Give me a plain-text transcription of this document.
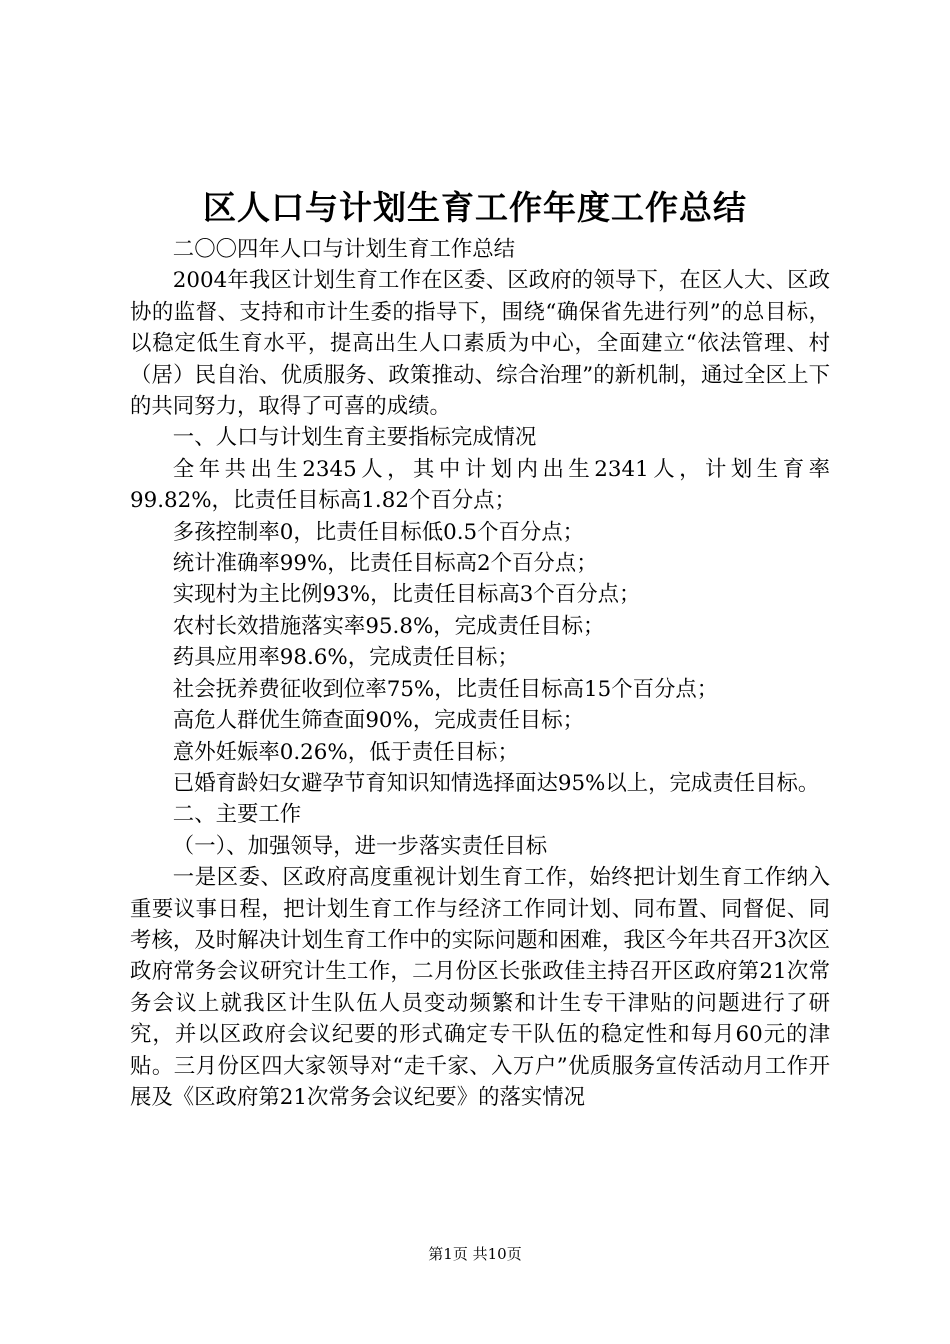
区人口与计划生育工作年度工作总结

二〇〇四年人口与计划生育工作总结

2004年我区计划生育工作在区委、区政府的领导下，在区人大、区政协的监督、支持和市计生委的指导下，围绕“确保省先进行列”的总目标，以稳定低生育水平，提高出生人口素质为中心，全面建立“依法管理、村（居）民自治、优质服务、政策推动、综合治理”的新机制，通过全区上下的共同努力，取得了可喜的成绩。

一、人口与计划生育主要指标完成情况

全年共出生2345人，其中计划内出生2341人，计划生育率99.82%，比责任目标高1.82个百分点；

多孩控制率0，比责任目标低0.5个百分点；

统计准确率99%，比责任目标高2个百分点；

实现村为主比例93%，比责任目标高3个百分点；

农村长效措施落实率95.8%，完成责任目标；

药具应用率98.6%，完成责任目标；

社会抚养费征收到位率75%，比责任目标高15个百分点；

高危人群优生筛查面90%，完成责任目标；

意外妊娠率0.26%，低于责任目标；

已婚育龄妇女避孕节育知识知情选择面达95%以上，完成责任目标。

二、主要工作

（一）、加强领导，进一步落实责任目标

一是区委、区政府高度重视计划生育工作，始终把计划生育工作纳入重要议事日程，把计划生育工作与经济工作同计划、同布置、同督促、同考核，及时解决计划生育工作中的实际问题和困难，我区今年共召开3次区政府常务会议研究计生工作，二月份区长张政佳主持召开区政府第21次常务会议上就我区计生队伍人员变动频繁和计生专干津贴的问题进行了研究，并以区政府会议纪要的形式确定专干队伍的稳定性和每月60元的津贴。三月份区四大家领导对“走千家、入万户”优质服务宣传活动月工作开展及《区政府第21次常务会议纪要》的落实情况

第1页 共10页
